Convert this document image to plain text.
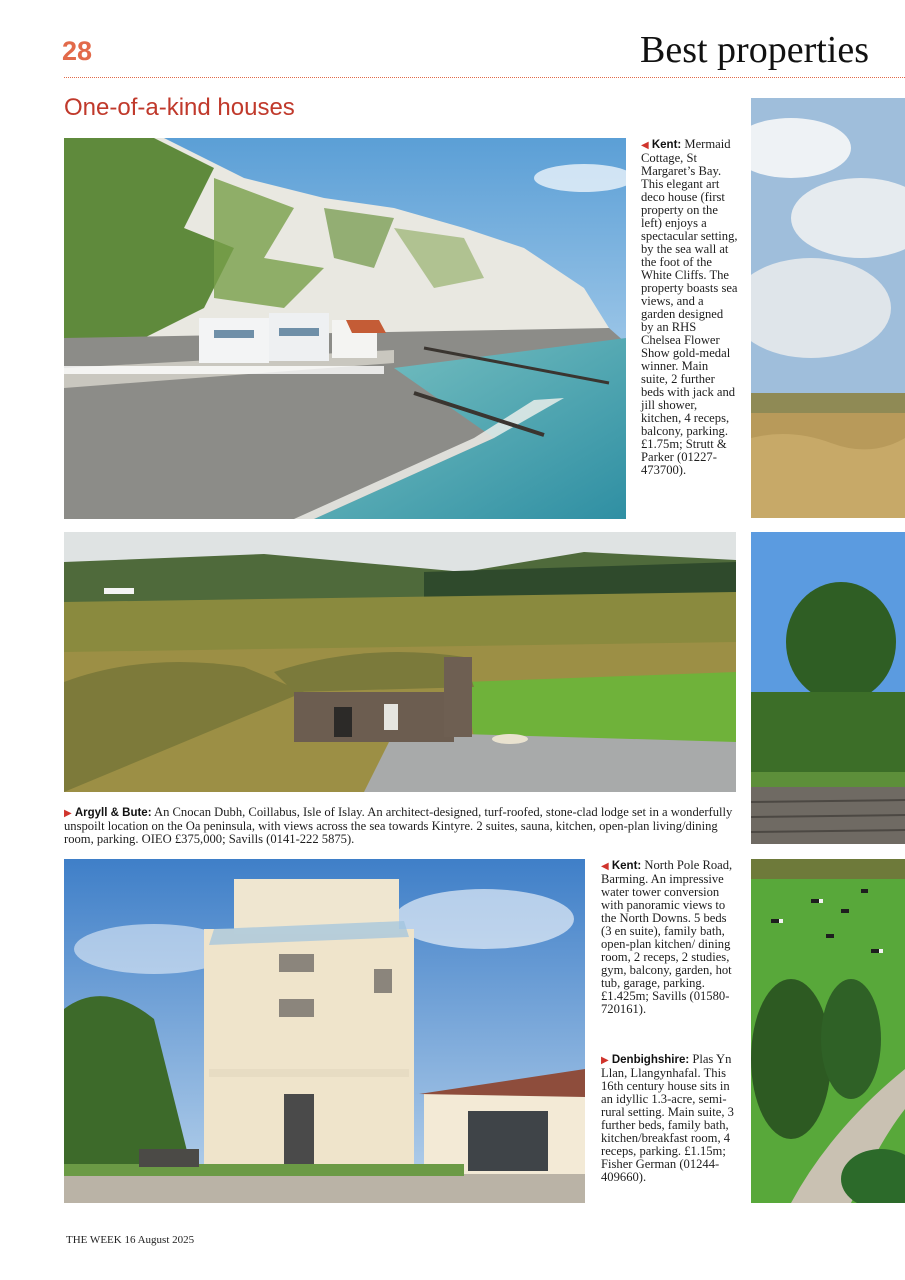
28	Best properties
One-of-a-kind houses
◀ Kent: Mermaid Cottage, St Margaret’s Bay. This elegant art deco house (first property on the left) enjoys a spectacular setting, by the sea wall at the foot of the White Cliffs. The property boasts sea views, and a garden designed by an RHS Chelsea Flower Show gold-medal winner. Main suite, 2 further beds with jack and jill shower, kitchen, 4 receps, balcony, parking. £1.75m; Strutt & Parker (01227-473700).
▶ Argyll & Bute: An Cnocan Dubh, Coillabus, Isle of Islay. An architect-designed, turf-roofed, stone-clad lodge set in a wonderfully unspoilt location on the Oa peninsula, with views across the sea towards Kintyre. 2 suites, sauna, kitchen, open-plan living/dining room, parking. OIEO £375,000; Savills (0141-222 5875).
◀ Kent: North Pole Road, Barming. An impressive water tower conversion with panoramic views to the North Downs. 5 beds (3 en suite), family bath, open-plan kitchen/ dining room, 2 receps, 2 studies, gym, balcony, garden, hot tub, garage, parking. £1.425m; Savills (01580-720161).
▶ Denbighshire: Plas Yn Llan, Llangynhafal. This 16th century house sits in an idyllic 1.3-acre, semi-rural setting. Main suite, 3 further beds, family bath, kitchen/breakfast room, 4 receps, parking. £1.15m; Fisher German (01244-409660).
THE WEEK 16 August 2025
